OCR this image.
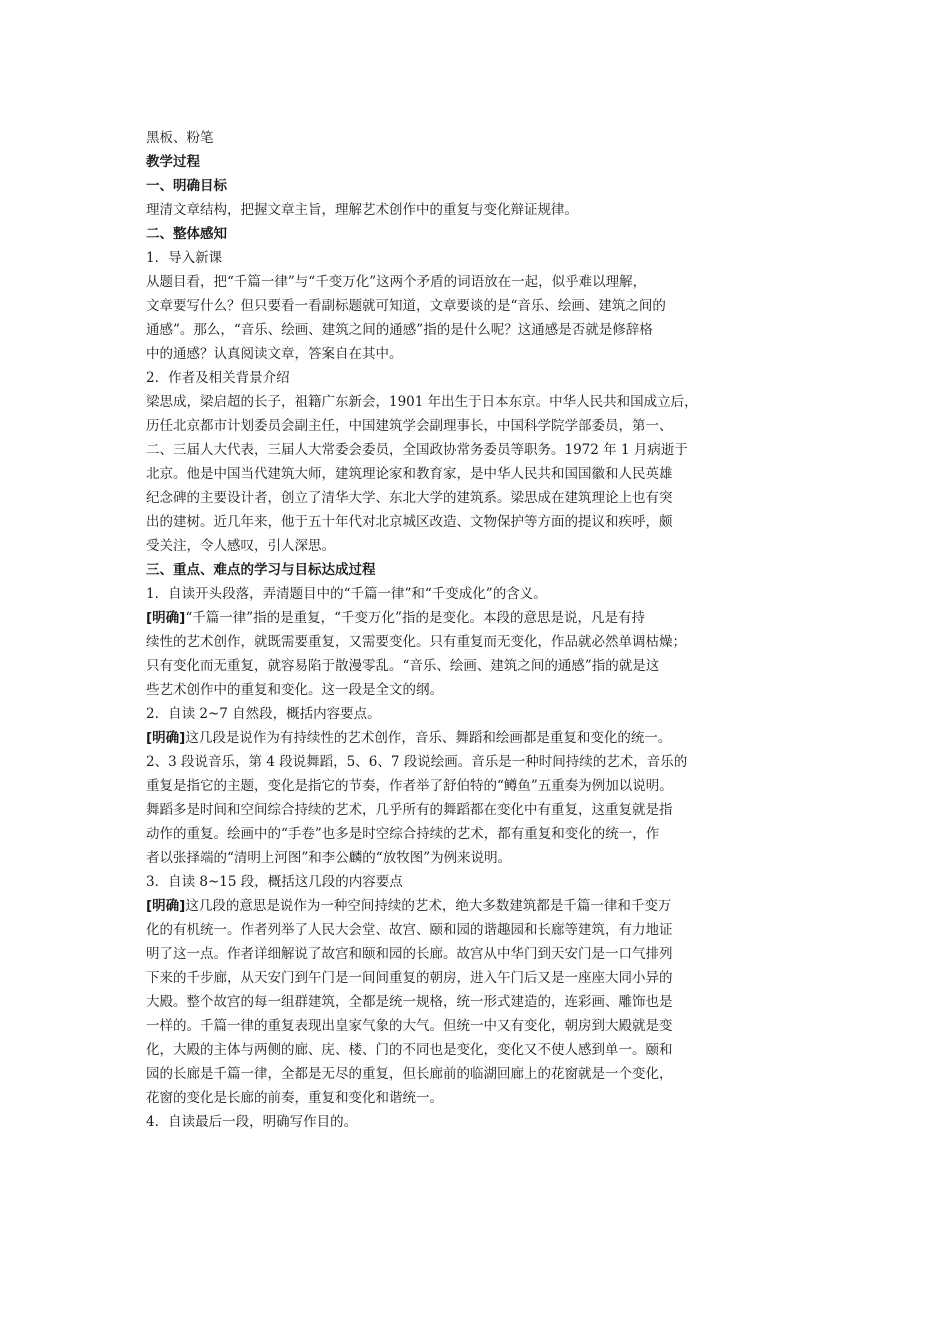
黑板、粉笔
教学过程
一、明确目标
理清文章结构，把握文章主旨，理解艺术创作中的重复与变化辩证规律。
二、整体感知
1．导入新课
从题目看，把“千篇一律”与“千变万化”这两个矛盾的词语放在一起，似乎难以理解，
文章要写什么？但只要看一看副标题就可知道，文章要谈的是“音乐、绘画、建筑之间的
通感”。那么，“音乐、绘画、建筑之间的通感”指的是什么呢？这通感是否就是修辞格
中的通感？认真阅读文章，答案自在其中。
2．作者及相关背景介绍
梁思成，梁启超的长子，祖籍广东新会，1901 年出生于日本东京。中华人民共和国成立后，
历任北京都市计划委员会副主任，中国建筑学会副理事长，中国科学院学部委员，第一、
二、三届人大代表，三届人大常委会委员，全国政协常务委员等职务。1972 年 1 月病逝于
北京。他是中国当代建筑大师，建筑理论家和教育家，是中华人民共和国国徽和人民英雄
纪念碑的主要设计者，创立了清华大学、东北大学的建筑系。梁思成在建筑理论上也有突
出的建树。近几年来，他于五十年代对北京城区改造、文物保护等方面的提议和疾呼，颇
受关注，令人感叹，引人深思。
三、重点、难点的学习与目标达成过程
1．自读开头段落，弄清题目中的“千篇一律”和“千变成化”的含义。
[明确]“千篇一律”指的是重复，“千变万化”指的是变化。本段的意思是说，凡是有持
续性的艺术创作，就既需要重复，又需要变化。只有重复而无变化，作品就必然单调枯燥；
只有变化而无重复，就容易陷于散漫零乱。“音乐、绘画、建筑之间的通感”指的就是这
些艺术创作中的重复和变化。这一段是全文的纲。
2．自读 2~7 自然段，概括内容要点。
[明确]这几段是说作为有持续性的艺术创作，音乐、舞蹈和绘画都是重复和变化的统一。
2、3 段说音乐，第 4 段说舞蹈，5、6、7 段说绘画。音乐是一种时间持续的艺术，音乐的
重复是指它的主题，变化是指它的节奏，作者举了舒伯特的“鳟鱼”五重奏为例加以说明。
舞蹈多是时间和空间综合持续的艺术，几乎所有的舞蹈都在变化中有重复，这重复就是指
动作的重复。绘画中的“手卷”也多是时空综合持续的艺术，都有重复和变化的统一，作
者以张择端的“清明上河图”和李公麟的“放牧图”为例来说明。
3．自读 8~15 段，概括这几段的内容要点
[明确]这几段的意思是说作为一种空间持续的艺术，绝大多数建筑都是千篇一律和千变万
化的有机统一。作者列举了人民大会堂、故宫、颐和园的谐趣园和长廊等建筑，有力地证
明了这一点。作者详细解说了故宫和颐和园的长廊。故宫从中华门到天安门是一口气排列
下来的千步廊，从天安门到午门是一间间重复的朝房，进入午门后又是一座座大同小异的
大殿。整个故宫的每一组群建筑，全都是统一规格，统一形式建造的，连彩画、雕饰也是
一样的。千篇一律的重复表现出皇家气象的大气。但统一中又有变化，朝房到大殿就是变
化，大殿的主体与两侧的廊、庑、楼、门的不同也是变化，变化又不使人感到单一。颐和
园的长廊是千篇一律，全都是无尽的重复，但长廊前的临湖回廊上的花窗就是一个变化，
花窗的变化是长廊的前奏，重复和变化和谐统一。
4．自读最后一段，明确写作目的。
